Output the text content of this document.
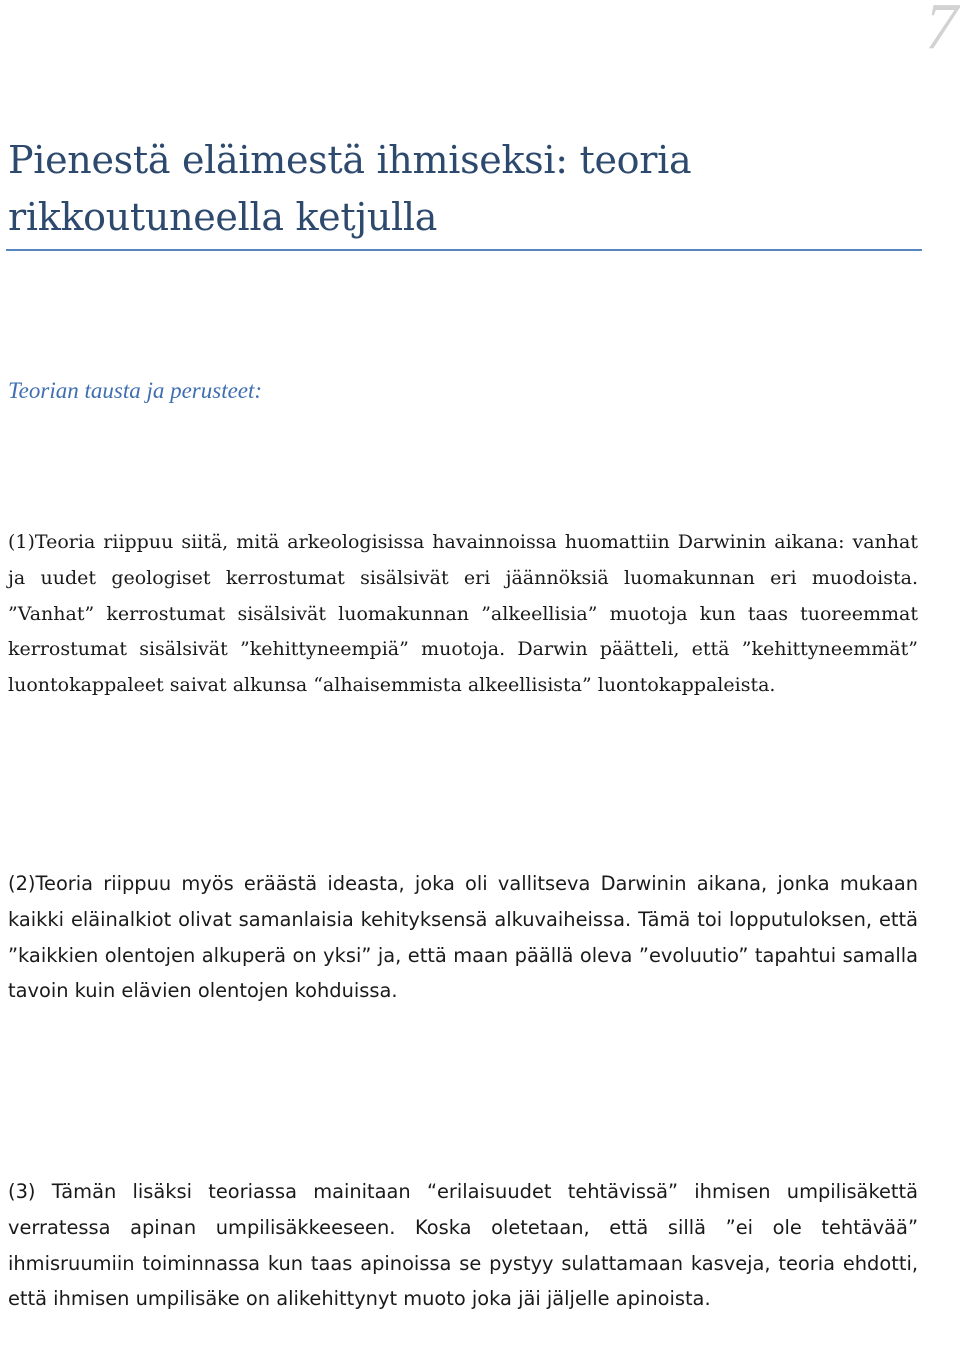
7
Pienestä eläimestä ihmiseksi: teoria rikkoutuneella ketjulla
Teorian tausta ja perusteet:

(1)Teoria riippuu siitä, mitä arkeologisissa havainnoissa huomattiin Darwinin aikana: vanhat ja uudet geologiset kerrostumat sisälsivät eri jäännöksiä luomakunnan eri muodoista. ”Vanhat” kerrostumat sisälsivät luomakunnan ”alkeellisia” muotoja kun taas tuoreemmat kerrostumat sisälsivät ”kehittyneempiä” muotoja. Darwin päätteli, että ”kehittyneemmät” luontokappaleet saivat alkunsa “alhaisemmista alkeellisista” luontokappaleista.

(2)Teoria riippuu myös eräästä ideasta, joka oli vallitseva Darwinin aikana, jonka mukaan kaikki eläinalkiot olivat samanlaisia kehityksensä alkuvaiheissa. Tämä toi lopputuloksen, että ”kaikkien olentojen alkuperä on yksi” ja, että maan päällä oleva ”evoluutio” tapahtui samalla tavoin kuin elävien olentojen kohduissa.

(3) Tämän lisäksi teoriassa mainitaan “erilaisuudet tehtävissä” ihmisen umpilisäkettä verratessa apinan umpilisäkkeeseen. Koska oletetaan, että sillä ”ei ole tehtävää” ihmisruumiin toiminnassa kun taas apinoissa se pystyy sulattamaan kasveja, teoria ehdotti, että ihmisen umpilisäke on alikehittynyt muoto joka jäi jäljelle apinoista.
